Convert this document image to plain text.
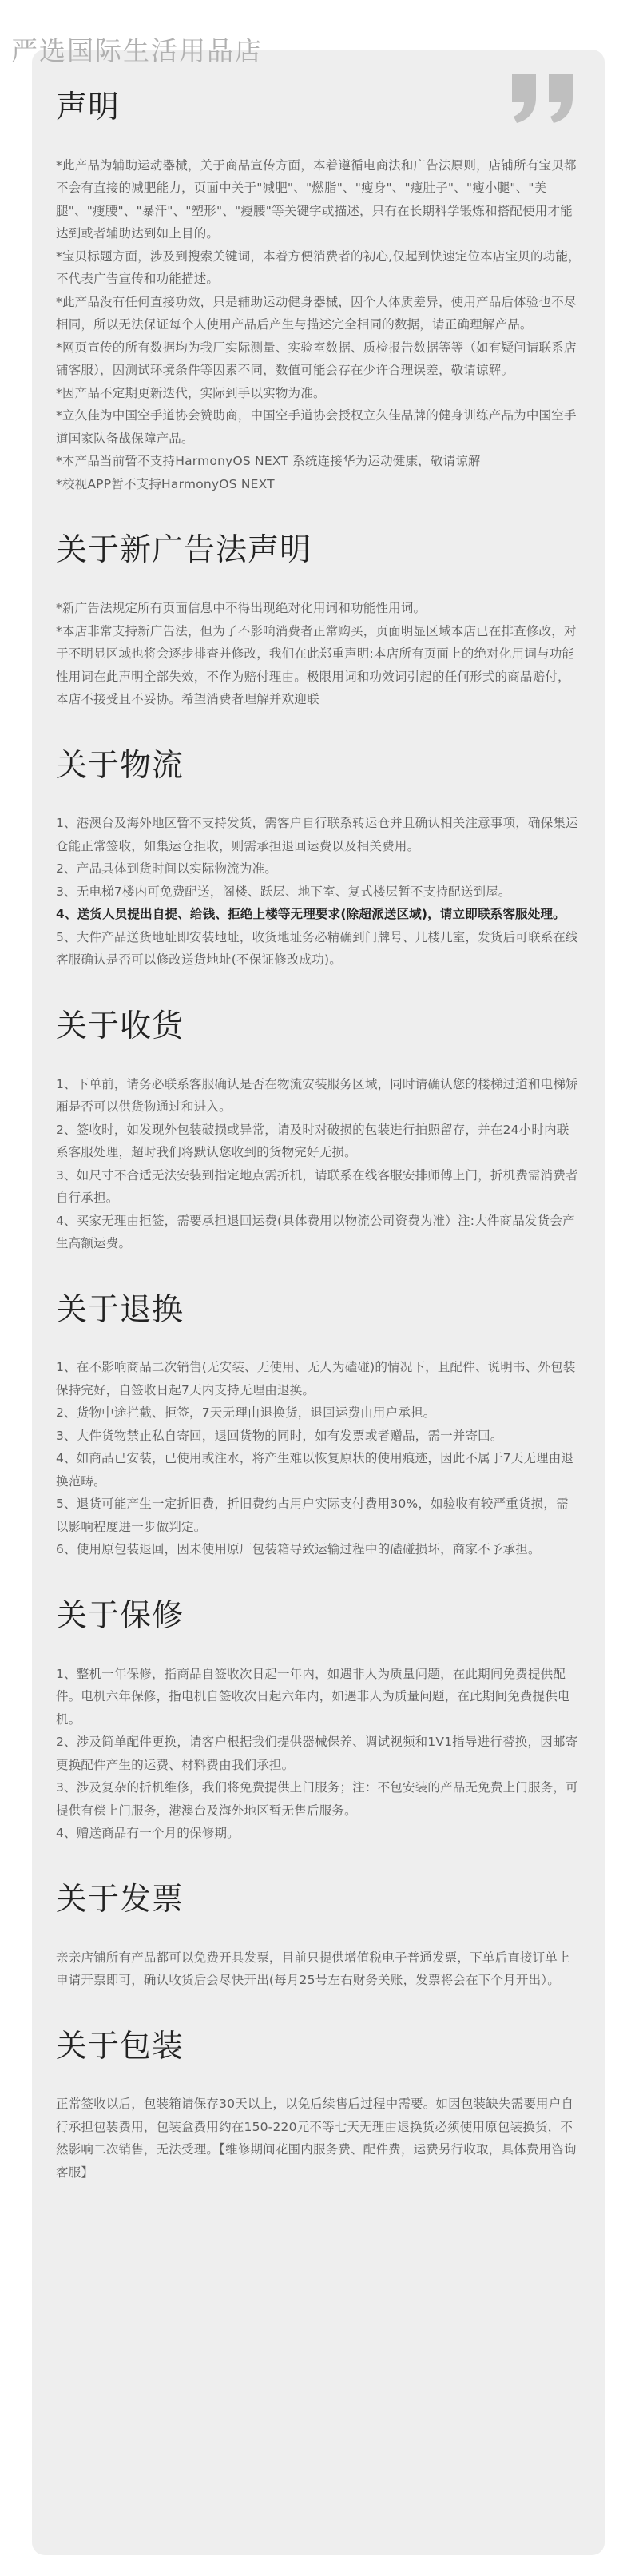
严选国际生活用品店
声明

*此产品为辅助运动器械，关于商品宣传方面，本着遵循电商法和广告法原则，店铺所有宝贝都不会有直接的减肥能力，页面中关于"减肥"、"燃脂"、"瘦身"、"瘦肚子"、"瘦小腿"、"美腿"、"瘦腰"、"暴汗"、"塑形"、"瘦腰"等关键字或描述，只有在长期科学锻炼和搭配使用才能达到或者辅助达到如上目的。

*宝贝标题方面，涉及到搜索关键词，本着方便消费者的初心,仅起到快速定位本店宝贝的功能，不代表广告宣传和功能描述。

*此产品没有任何直接功效，只是辅助运动健身器械，因个人体质差异，使用产品后体验也不尽相同，所以无法保证每个人使用产品后产生与描述完全相同的数据，请正确理解产品。

*网页宣传的所有数据均为我厂实际测量、实验室数据、质检报告数据等等（如有疑问请联系店铺客服），因测试环境条件等因素不同，数值可能会存在少许合理误差，敬请谅解。

*因产品不定期更新迭代，实际到手以实物为准。

*立久佳为中国空手道协会赞助商，中国空手道协会授权立久佳品牌的健身训练产品为中国空手道国家队备战保障产品。

*本产品当前暂不支持HarmonyOS NEXT 系统连接华为运动健康，敬请谅解

*校视APP暂不支持HarmonyOS NEXT

关于新广告法声明

*新广告法规定所有页面信息中不得出现绝对化用词和功能性用词。

*本店非常支持新广告法，但为了不影响消费者正常购买，页面明显区域本店已在排查修改，对于不明显区域也将会逐步排查并修改，我们在此郑重声明:本店所有页面上的绝对化用词与功能性用词在此声明全部失效，不作为赔付理由。极限用词和功效词引起的任何形式的商品赔付，本店不接受且不妥协。希望消费者理解并欢迎联

关于物流

1、港澳台及海外地区暂不支持发货，需客户自行联系转运仓并且确认相关注意事项，确保集运仓能正常签收，如集运仓拒收，则需承担退回运费以及相关费用。

2、产品具体到货时间以实际物流为准。

3、无电梯7楼内可免费配送，阁楼、跃层、地下室、复式楼层暂不支持配送到屋。

4、送货人员提出自提、给钱、拒绝上楼等无理要求(除超派送区域)，请立即联系客服处理。

5、大件产品送货地址即安装地址，收货地址务必精确到门牌号、几楼几室，发货后可联系在线客服确认是否可以修改送货地址(不保证修改成功)。

关于收货

1、下单前，请务必联系客服确认是否在物流安装服务区域，同时请确认您的楼梯过道和电梯矫厢是否可以供货物通过和进入。

2、签收时，如发现外包装破损或异常，请及时对破损的包装进行拍照留存，并在24小时内联系客服处理，超时我们将默认您收到的货物完好无损。

3、如尺寸不合适无法安装到指定地点需折机，请联系在线客服安排师傅上门，折机费需消费者自行承担。

4、买家无理由拒签，需要承担退回运费(具体费用以物流公司资费为准）注:大件商品发货会产生高额运费。

关于退换

1、在不影响商品二次销售(无安装、无使用、无人为磕碰)的情况下，且配件、说明书、外包装保持完好，自签收日起7天内支持无理由退换。

2、货物中途拦截、拒签，7天无理由退换货，退回运费由用户承担。

3、大件货物禁止私自寄回，退回货物的同时，如有发票或者赠品，需一并寄回。

4、如商品已安装，已使用或注水，将产生难以恢复原状的使用痕迹，因此不属于7天无理由退换范畴。

5、退货可能产生一定折旧费，折旧费约占用户实际支付费用30%，如验收有较严重货损，需以影响程度进一步做判定。

6、使用原包装退回，因未使用原厂包装箱导致运输过程中的磕碰损坏，商家不予承担。

关于保修

1、整机一年保修，指商品自签收次日起一年内，如遇非人为质量问题，在此期间免费提供配件。电机六年保修，指电机自签收次日起六年内，如遇非人为质量问题，在此期间免费提供电机。

2、涉及简单配件更换，请客户根据我们提供器械保养、调试视频和1V1指导进行替换，因邮寄更换配件产生的运费、材料费由我们承担。

3、涉及复杂的折机维修，我们将免费提供上门服务；注：不包安装的产品无免费上门服务，可提供有偿上门服务，港澳台及海外地区暂无售后服务。

4、赠送商品有一个月的保修期。

关于发票

亲亲店铺所有产品都可以免费开具发票，目前只提供增值税电子普通发票，下单后直接订单上申请开票即可，确认收货后会尽快开出(每月25号左右财务关账，发票将会在下个月开出）。

关于包装

正常签收以后，包装箱请保存30天以上，以免后续售后过程中需要。如因包装缺失需要用户自行承担包装费用，包装盒费用约在150-220元不等七天无理由退换货必须使用原包装换货，不然影响二次销售，无法受理。【维修期间花围内服务费、配件费，运费另行收取，具体费用咨询客服】
